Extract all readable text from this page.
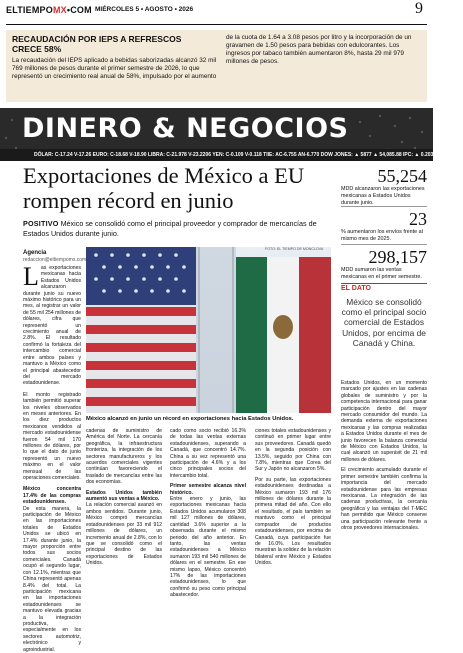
ELTIEMPOMX•COM MIÉRCOLES 5 • AGOSTO • 2026	9
RECAUDACIÓN POR IEPS A REFRESCOS CRECE 58%
La recaudación del IEPS aplicado a bebidas saborizadas alcanzó 32 mil 769 millones de pesos durante el primer semestre de 2026, lo que representó un crecimiento real anual de 58%, impulsado por el aumento
de la cuota de 1.64 a 3.08 pesos por litro y la incorporación de un gravamen de 1.50 pesos para bebidas con edulcorantes. Los ingresos por tabaco también aumentaron 8%, hasta 29 mil 979 millones de pesos.
DINERO & NEGOCIOS
DÓLAR: C-17.24 V-17.26 EURO: C-18.68 V-18.90 LIBRA: C-21.978 V-23.2206 YEN: C-0.109 V-0.118 TIIE: AC-6.755 AN-6.770 DOW JONES: ▲ 5877 ▲ 54,085.88 IPC: ▲ 0.203 ▲ 66,883.16
Exportaciones de México a EU rompen récord en junio
POSITIVO México se consolidó como el principal proveedor y comprador de mercancías de Estados Unidos durante junio.
55,254
MDD alcanzaron las exportaciones mexicanas a Estados Unidos durante junio.
23
% aumentaron los envíos frente al mismo mes de 2025.
298,157
MDD sumaron las ventas mexicanas en el primer semestre.
EL DATO
México se consolidó como el principal socio comercial de Estados Unidos, por encima de Canadá y China.
Agencia
redaccion@eltiempomx.com
L as exportaciones mexicanas hacia Estados Unidos alcanzaron durante junio su nuevo máximo histórico para un mes, al registrar un valor de 55 mil 254 millones de dólares, cifra que representó un crecimiento anual de 2.8%. El resultado confirmó la fortaleza del intercambio comercial entre ambos países y mantuvo a México como el principal abastecedor del mercado estadounidense.
El monto registrado también permitió superar los niveles observados en meses anteriores. En los diez productos mexicanos vendidos al mercado estadounidense fueron 54 mil 170 millones de dólares, por lo que el dato de junio representó un nuevo máximo en el valor mensual de las operaciones comerciales.
México concentra 17.4% de las compras estadounidenses.
De esta manera, la participación de México en las importaciones totales de Estados Unidos se ubicó en 17.4% durante junio, la mayor proporción entre todos sus socios comerciales. Canadá ocupó el segundo lugar, con 12.1%, mientras que China representó apenas 8.4% del total. La participación mexicana en las importaciones estadounidenses se mantuvo elevada gracias a la integración productiva, especialmente en los sectores automotriz, electrónico y agroindustrial.
FOTO: EL TIEMPO DE MONCLOVA
México alcanzó en junio un récord en exportaciones hacia Estados Unidos.
cadenas de suministro de América del Norte. La cercanía geográfica, la infraestructura fronteriza, la integración de los sectores manufactureros y los acuerdos comerciales vigentes continúan favoreciendo el traslado de mercancías entre las dos economías.
Estados Unidos también aumentó sus ventas a México.
La relación comercial avanzó en ambos sentidos. Durante junio, México compró mercancías estadounidenses por 33 mil 912 millones de dólares, un incremento anual de 2.8%, con lo que se consolidó como el principal destino de las exportaciones de Estados Unidos.
cado como socio recibió 16.3% de todas las ventas externas estadounidenses, superando a Canadá, que concentró 14.7%. China a su vez representó una participación de 4.6% y a los cinco principales socios del intercambio total.
Primer semestre alcanza nivel histórico.
Entre enero y junio, las exportaciones mexicanas hacia Estados Unidos acumularon 308 mil 127 millones de dólares, cantidad 3.6% superior a la observada durante el mismo periodo del año anterior. En tanto, las ventas estadounidenses a México sumaron 193 mil 540 millones de dólares en el semestre. En ese mismo lapso, México concentró 17% de las importaciones estadounidenses, lo que confirmó su peso como principal abastecedor.
ciones totales estadounidenses y continuó en primer lugar entre sus proveedores. Canadá quedó en la segunda posición con 13.5%, seguido por China con 7.8%, mientras que Corea del Sur y Japón no alcanzaron 5%.
Por su parte, las exportaciones estadounidenses destinadas a México sumaron 193 mil 176 millones de dólares durante la primera mitad del año. Con ello el resultado, el país también se mantuvo como el principal comprador de productos estadounidenses, por encima de Canadá, cuya participación fue de 16.0%. Los resultados muestran la solidez de la relación bilateral entre México y Estados Unidos.
Estados Unidos, en un momento marcado por ajustes en las cadenas globales de suministro y por la competencia internacional para ganar participación dentro del mayor mercado consumidor del mundo. La demanda externa de exportaciones mexicanas y las compras realizadas a Estados Unidos durante el mes de junio favorecen la balanza comercial de México con Estados Unidos, la cual alcanzó un superávit de 21 mil millones de dólares.
El crecimiento acumulado durante el primer semestre también confirma la importancia del mercado estadounidense para las empresas mexicanas. La integración de las cadenas productivas, la cercanía geográfica y las ventajas del T-MEC han permitido que México conserve una participación relevante frente a otros proveedores internacionales.
